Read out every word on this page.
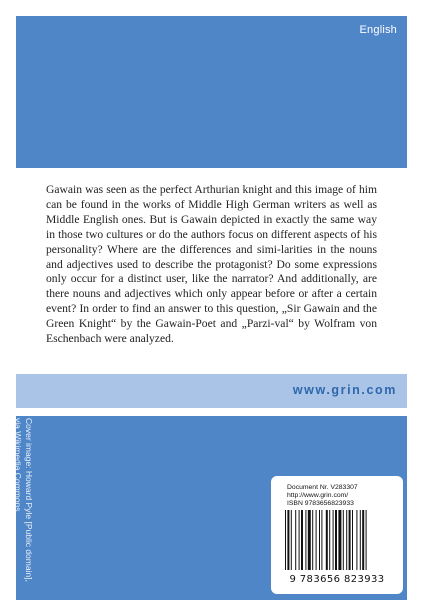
English
Gawain was seen as the perfect Arthurian knight and this image of him can be found in the works of Middle High German writers as well as Middle English ones. But is Gawain depicted in exactly the same way in those two cultures or do the authors focus on different aspects of his personality? Where are the differences and simi-larities in the nouns and adjectives used to describe the protagonist? Do some expressions only occur for a distinct user, like the narrator? And additionally, are there nouns and adjectives which only appear before or after a certain event? In order to find an answer to this question, „Sir Gawain and the Green Knight“ by the Gawain-Poet and „Parzi-val“ by Wolfram von Eschenbach were analyzed.
www.grin.com
Cover image: Howard Pyle [Public domain], via Wikimedia Commons	Document Nr. V283307
http://www.grin.com/
ISBN 9783656823933
9 783656 823933
